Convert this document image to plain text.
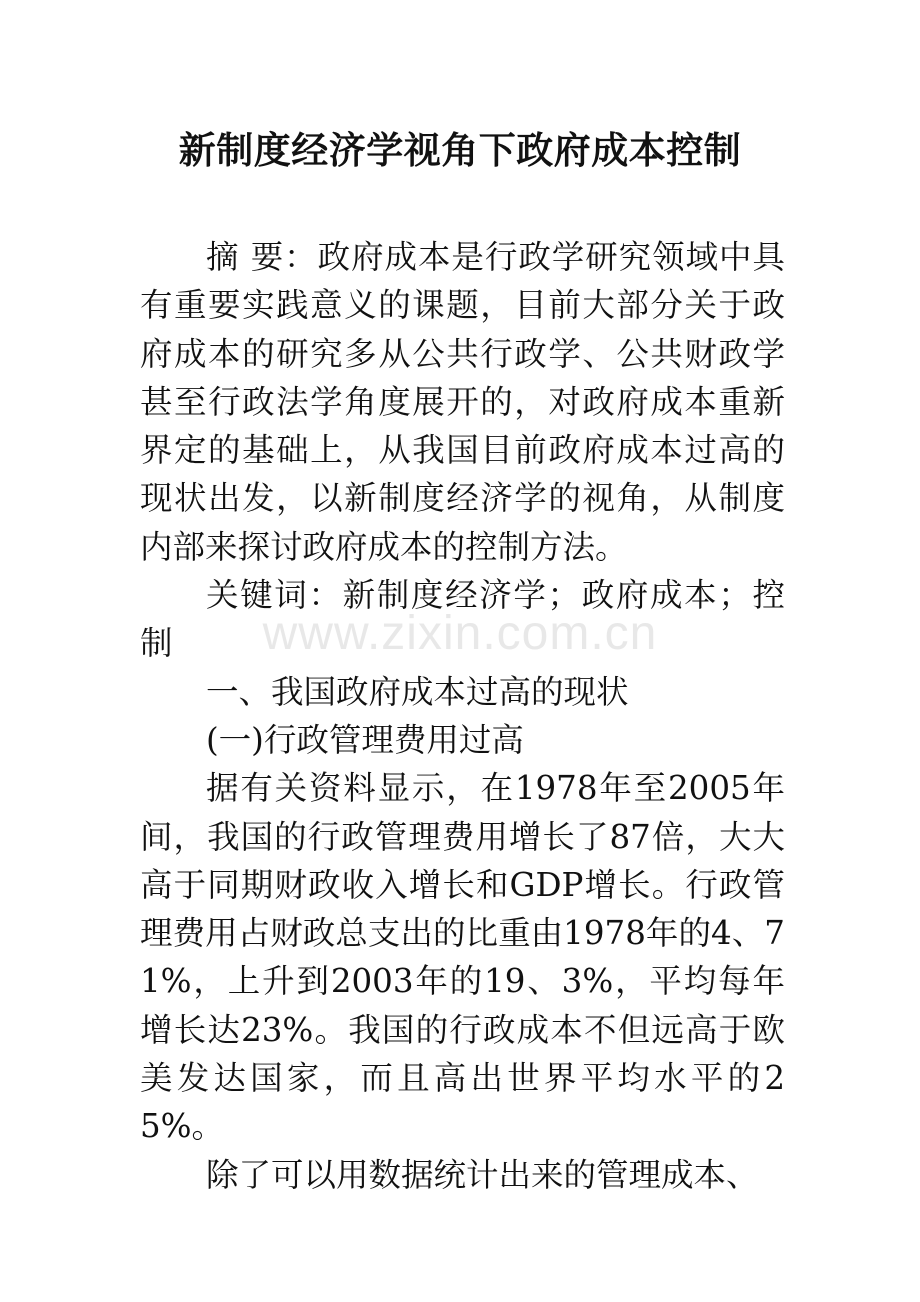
新制度经济学视角下政府成本控制

摘 要：政府成本是行政学研究领域中具有重要实践意义的课题，目前大部分关于政府成本的研究多从公共行政学、公共财政学甚至行政法学角度展开的，对政府成本重新界定的基础上，从我国目前政府成本过高的现状出发，以新制度经济学的视角，从制度内部来探讨政府成本的控制方法。

关键词：新制度经济学；政府成本；控制

一、我国政府成本过高的现状

(一)行政管理费用过高

据有关资料显示，在1978年至2005年间，我国的行政管理费用增长了87倍，大大高于同期财政收入增长和GDP增长。行政管理费用占财政总支出的比重由1978年的4、71%，上升到2003年的19、3%，平均每年增长达23%。我国的行政成本不但远高于欧美发达国家，而且高出世界平均水平的25%。

除了可以用数据统计出来的管理成本、

www.zixin.com.cn
